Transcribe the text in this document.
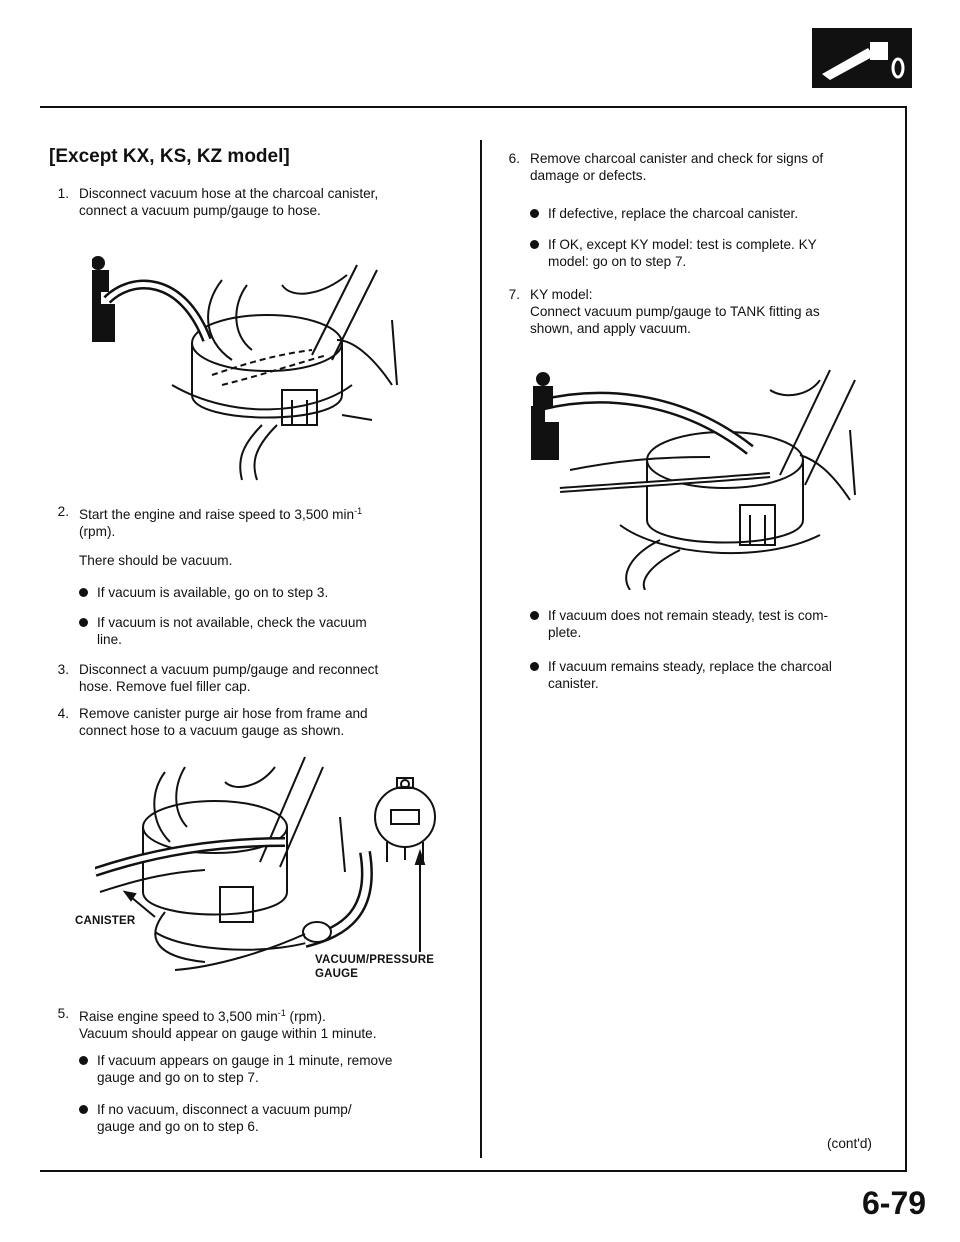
[Except KX, KS, KZ model]
1. Disconnect vacuum hose at the charcoal canister,
connect a vacuum pump/gauge to hose.
2. Start the engine and raise speed to 3,500 $\min^{-1}$
(rpm).
There should be vacuum.
If vacuum is available, go on to step 3.
If vacuum is not available, check the vacuum
line.
3. Disconnect a vacuum pump/gauge and reconnect
hose. Remove fuel filler cap.
4. Remove canister purge air hose from frame and
connect hose to a vacuum gauge as shown.
CANISTER
VACUUM/PRESSURE
GAUGE
5. Raise engine speed to 3,500 $\min^{-1} (rpm)$.
Vacuum should appear on gauge within 1 minute.
If vacuum appears on gauge in 1 minute, remove
gauge and go on to step 7.
If no vacuum, disconnect a vacuum pump/
gauge and go on to step 6.
6. Remove charcoal canister and check for signs of
damage or defects.
If defective, replace the charcoal canister.
If OK, except KY model: test is complete. KY
model: go on to step 7.
7. KY model:
Connect vacuum pump/gauge to TANK fitting as
shown, and apply vacuum.
If vacuum does not remain steady, test is com-
plete.
If vacuum remains steady, replace the charcoal
canister.
(cont'd)
6-79
